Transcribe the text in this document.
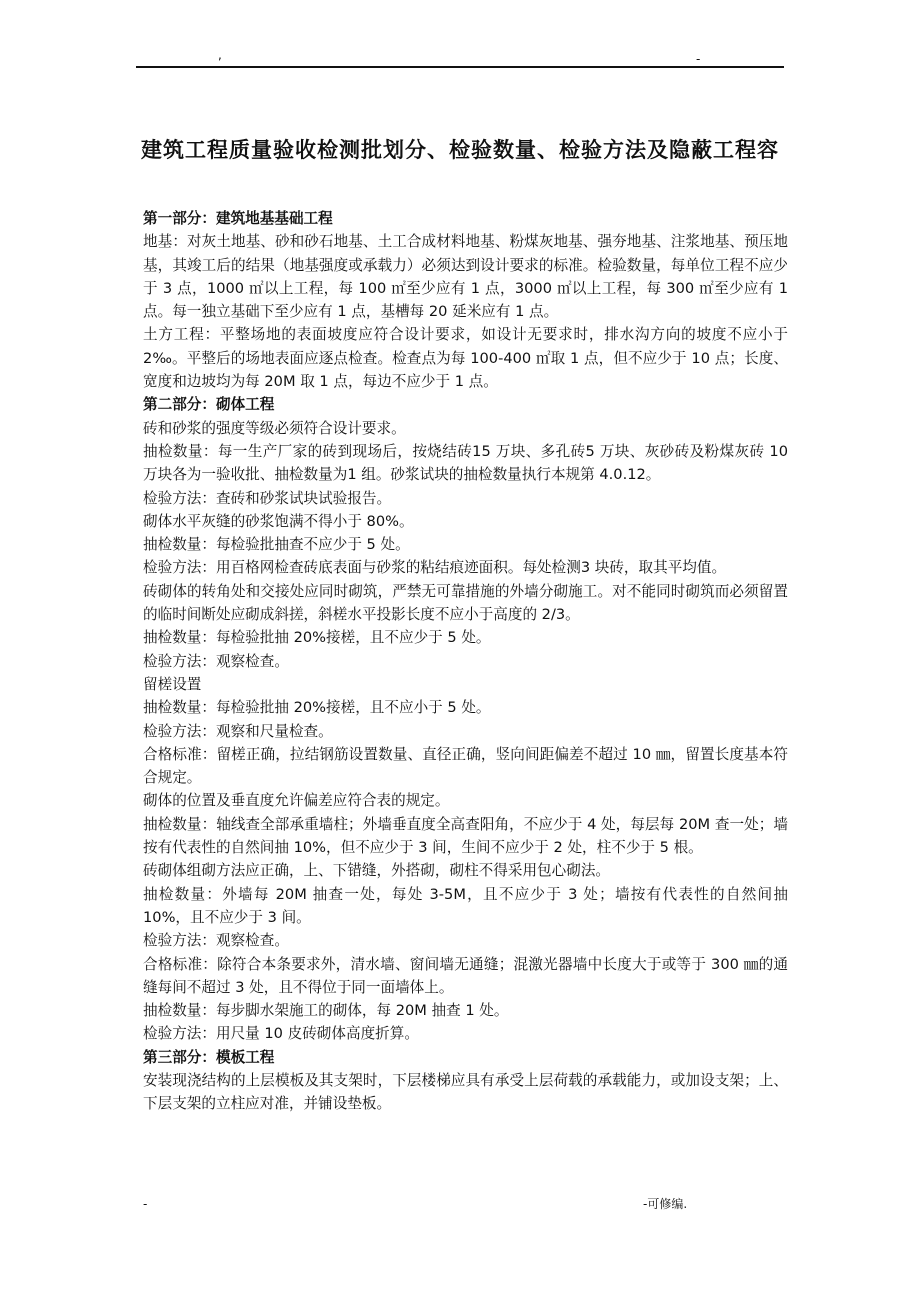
,	-
建筑工程质量验收检测批划分、检验数量、检验方法及隐蔽工程容

第一部分：建筑地基基础工程

地基：对灰土地基、砂和砂石地基、土工合成材料地基、粉煤灰地基、强夯地基、注浆地基、预压地基，其竣工后的结果（地基强度或承载力）必须达到设计要求的标准。检验数量，每单位工程不应少于 3 点，1000 ㎡以上工程，每 100 ㎡至少应有 1 点，3000 ㎡以上工程，每 300 ㎡至少应有 1 点。每一独立基础下至少应有 1 点，基槽每 20 延米应有 1 点。

土方工程：平整场地的表面坡度应符合设计要求，如设计无要求时，排水沟方向的坡度不应小于 2‰。平整后的场地表面应逐点检查。检查点为每 100-400 ㎡取 1 点，但不应少于 10 点；长度、宽度和边坡均为每 20M 取 1 点，每边不应少于 1 点。

第二部分：砌体工程

砖和砂浆的强度等级必须符合设计要求。

抽检数量：每一生产厂家的砖到现场后，按烧结砖15 万块、多孔砖5 万块、灰砂砖及粉煤灰砖 10 万块各为一验收批、抽检数量为1 组。砂浆试块的抽检数量执行本规第 4.0.12。

检验方法：查砖和砂浆试块试验报告。

砌体水平灰缝的砂浆饱满不得小于 80%。

抽检数量：每检验批抽查不应少于 5 处。

检验方法：用百格网检查砖底表面与砂浆的粘结痕迹面积。每处检测3 块砖，取其平均值。

砖砌体的转角处和交接处应同时砌筑，严禁无可靠措施的外墙分砌施工。对不能同时砌筑而必须留置的临时间断处应砌成斜搓，斜槎水平投影长度不应小于高度的 2/3。

抽检数量：每检验批抽 20%接槎，且不应少于 5 处。

检验方法：观察检查。

留槎设置

抽检数量：每检验批抽 20%接槎，且不应小于 5 处。

检验方法：观察和尺量检查。

合格标准：留槎正确，拉结钢筋设置数量、直径正确，竖向间距偏差不超过 10 ㎜，留置长度基本符合规定。

砌体的位置及垂直度允许偏差应符合表的规定。

抽检数量：轴线查全部承重墙柱；外墙垂直度全高查阳角，不应少于 4 处，每层每 20M 查一处；墙按有代表性的自然间抽 10%，但不应少于 3 间，生间不应少于 2 处，柱不少于 5 根。

砖砌体组砌方法应正确，上、下错缝，外搭砌，砌柱不得采用包心砌法。

抽检数量：外墙每 20M 抽查一处，每处 3-5M，且不应少于 3 处；墙按有代表性的自然间抽 10%，且不应少于 3 间。

检验方法：观察检查。

合格标准：除符合本条要求外，清水墙、窗间墙无通缝；混激光器墙中长度大于或等于 300 ㎜的通缝每间不超过 3 处，且不得位于同一面墙体上。

抽检数量：每步脚水架施工的砌体，每 20M 抽查 1 处。

检验方法：用尺量 10 皮砖砌体高度折算。

第三部分：模板工程

安装现浇结构的上层模板及其支架时，下层楼梯应具有承受上层荷载的承载能力，或加设支架；上、下层支架的立柱应对准，并铺设垫板。

-	-可修编.
